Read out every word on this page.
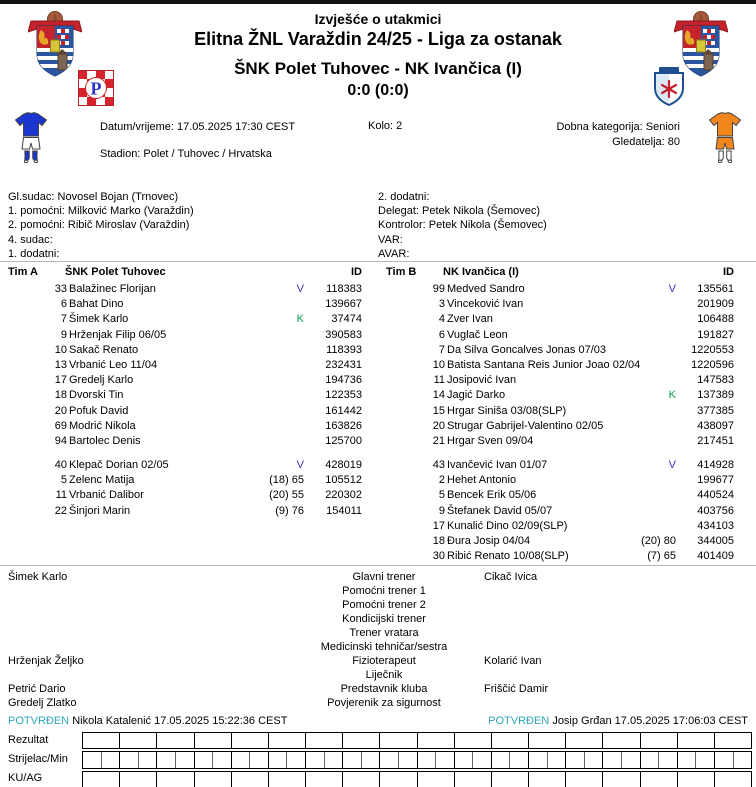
P
Izvješće o utakmici
Elitna ŽNL Varaždin 24/25 - Liga za ostanak
ŠNK Polet Tuhovec - NK Ivančica (I)
0:0 (0:0)
Datum/vrijeme: 17.05.2025 17:30 CEST
Stadion: Polet / Tuhovec / Hrvatska
Kolo: 2	Dobna kategorija: Seniori
Gledatelja: 80
Gl.sudac: Novosel Bojan (Trnovec)
1. pomoćni: Milković Marko (Varaždin)
2. pomoćni: Ribič Miroslav (Varaždin)
4. sudac:
1. dodatni:
2. dodatni:
Delegat: Petek Nikola (Šemovec)
Kontrolor: Petek Nikola (Šemovec)
VAR:
AVAR:
Tim A	ŠNK Polet Tuhovec	ID
33 Balažinec Florijan	V	118383
6 Bahat Dino	139667
7 Šimek Karlo	K	37474
9 Hrženjak Filip 06/05	390583
10 Sakač Renato	118393
13 Vrbanić Leo 11/04	232431
17 Gredelj Karlo	194736
18 Dvorski Tin	122353
20 Pofuk David	161442
69 Modrić Nikola	163826
94 Bartolec Denis	125700
40 Klepač Dorian 02/05	V	428019
5 Zelenc Matija	(18) 65	105512
11 Vrbanić Dalibor	(20) 55	220302
22 Šinjori Marin	(9) 76	154011
Tim B	NK Ivančica (I)	ID
99 Medved Sandro	V	135561
3 Vinceković Ivan	201909
4 Zver Ivan	106488
6 Vuglač Leon	191827
7 Da Silva Goncalves Jonas 07/03	1220553
10 Batista Santana Reis Junior Joao 02/04	1220596
11 Josipović Ivan	147583
14 Jagić Darko	K	137389
15 Hrgar Siniša 03/08(SLP)	377385
20 Strugar Gabrijel-Valentino 02/05	438097
21 Hrgar Sven 09/04	217451
43 Ivančević Ivan 01/07	V	414928
2 Hehet Antonio	199677
5 Bencek Erik 05/06	440524
9 Štefanek David 05/07	403756
17 Kunalić Dino 02/09(SLP)	434103
18 Đura Josip 04/04	(20) 80	344005
30 Ribić Renato 10/08(SLP)	(7) 65	401409
Šimek Karlo	Glavni trener	Cikač Ivica
Pomoćni trener 1
Pomoćni trener 2
Kondicijski trener
Trener vratara
Medicinski tehničar/sestra
Hrženjak Željko	Fizioterapeut	Kolarić Ivan
Liječnik
Petrić Dario	Predstavnik kluba	Friščić Damir
Gredelj Zlatko	Povjerenik za sigurnost
POTVRĐEN Nikola Katalenić 17.05.2025 15:22:36 CEST	POTVRĐEN Josip Grđan 17.05.2025 17:06:03 CEST
Rezultat
Strijelac/Min
KU/AG
